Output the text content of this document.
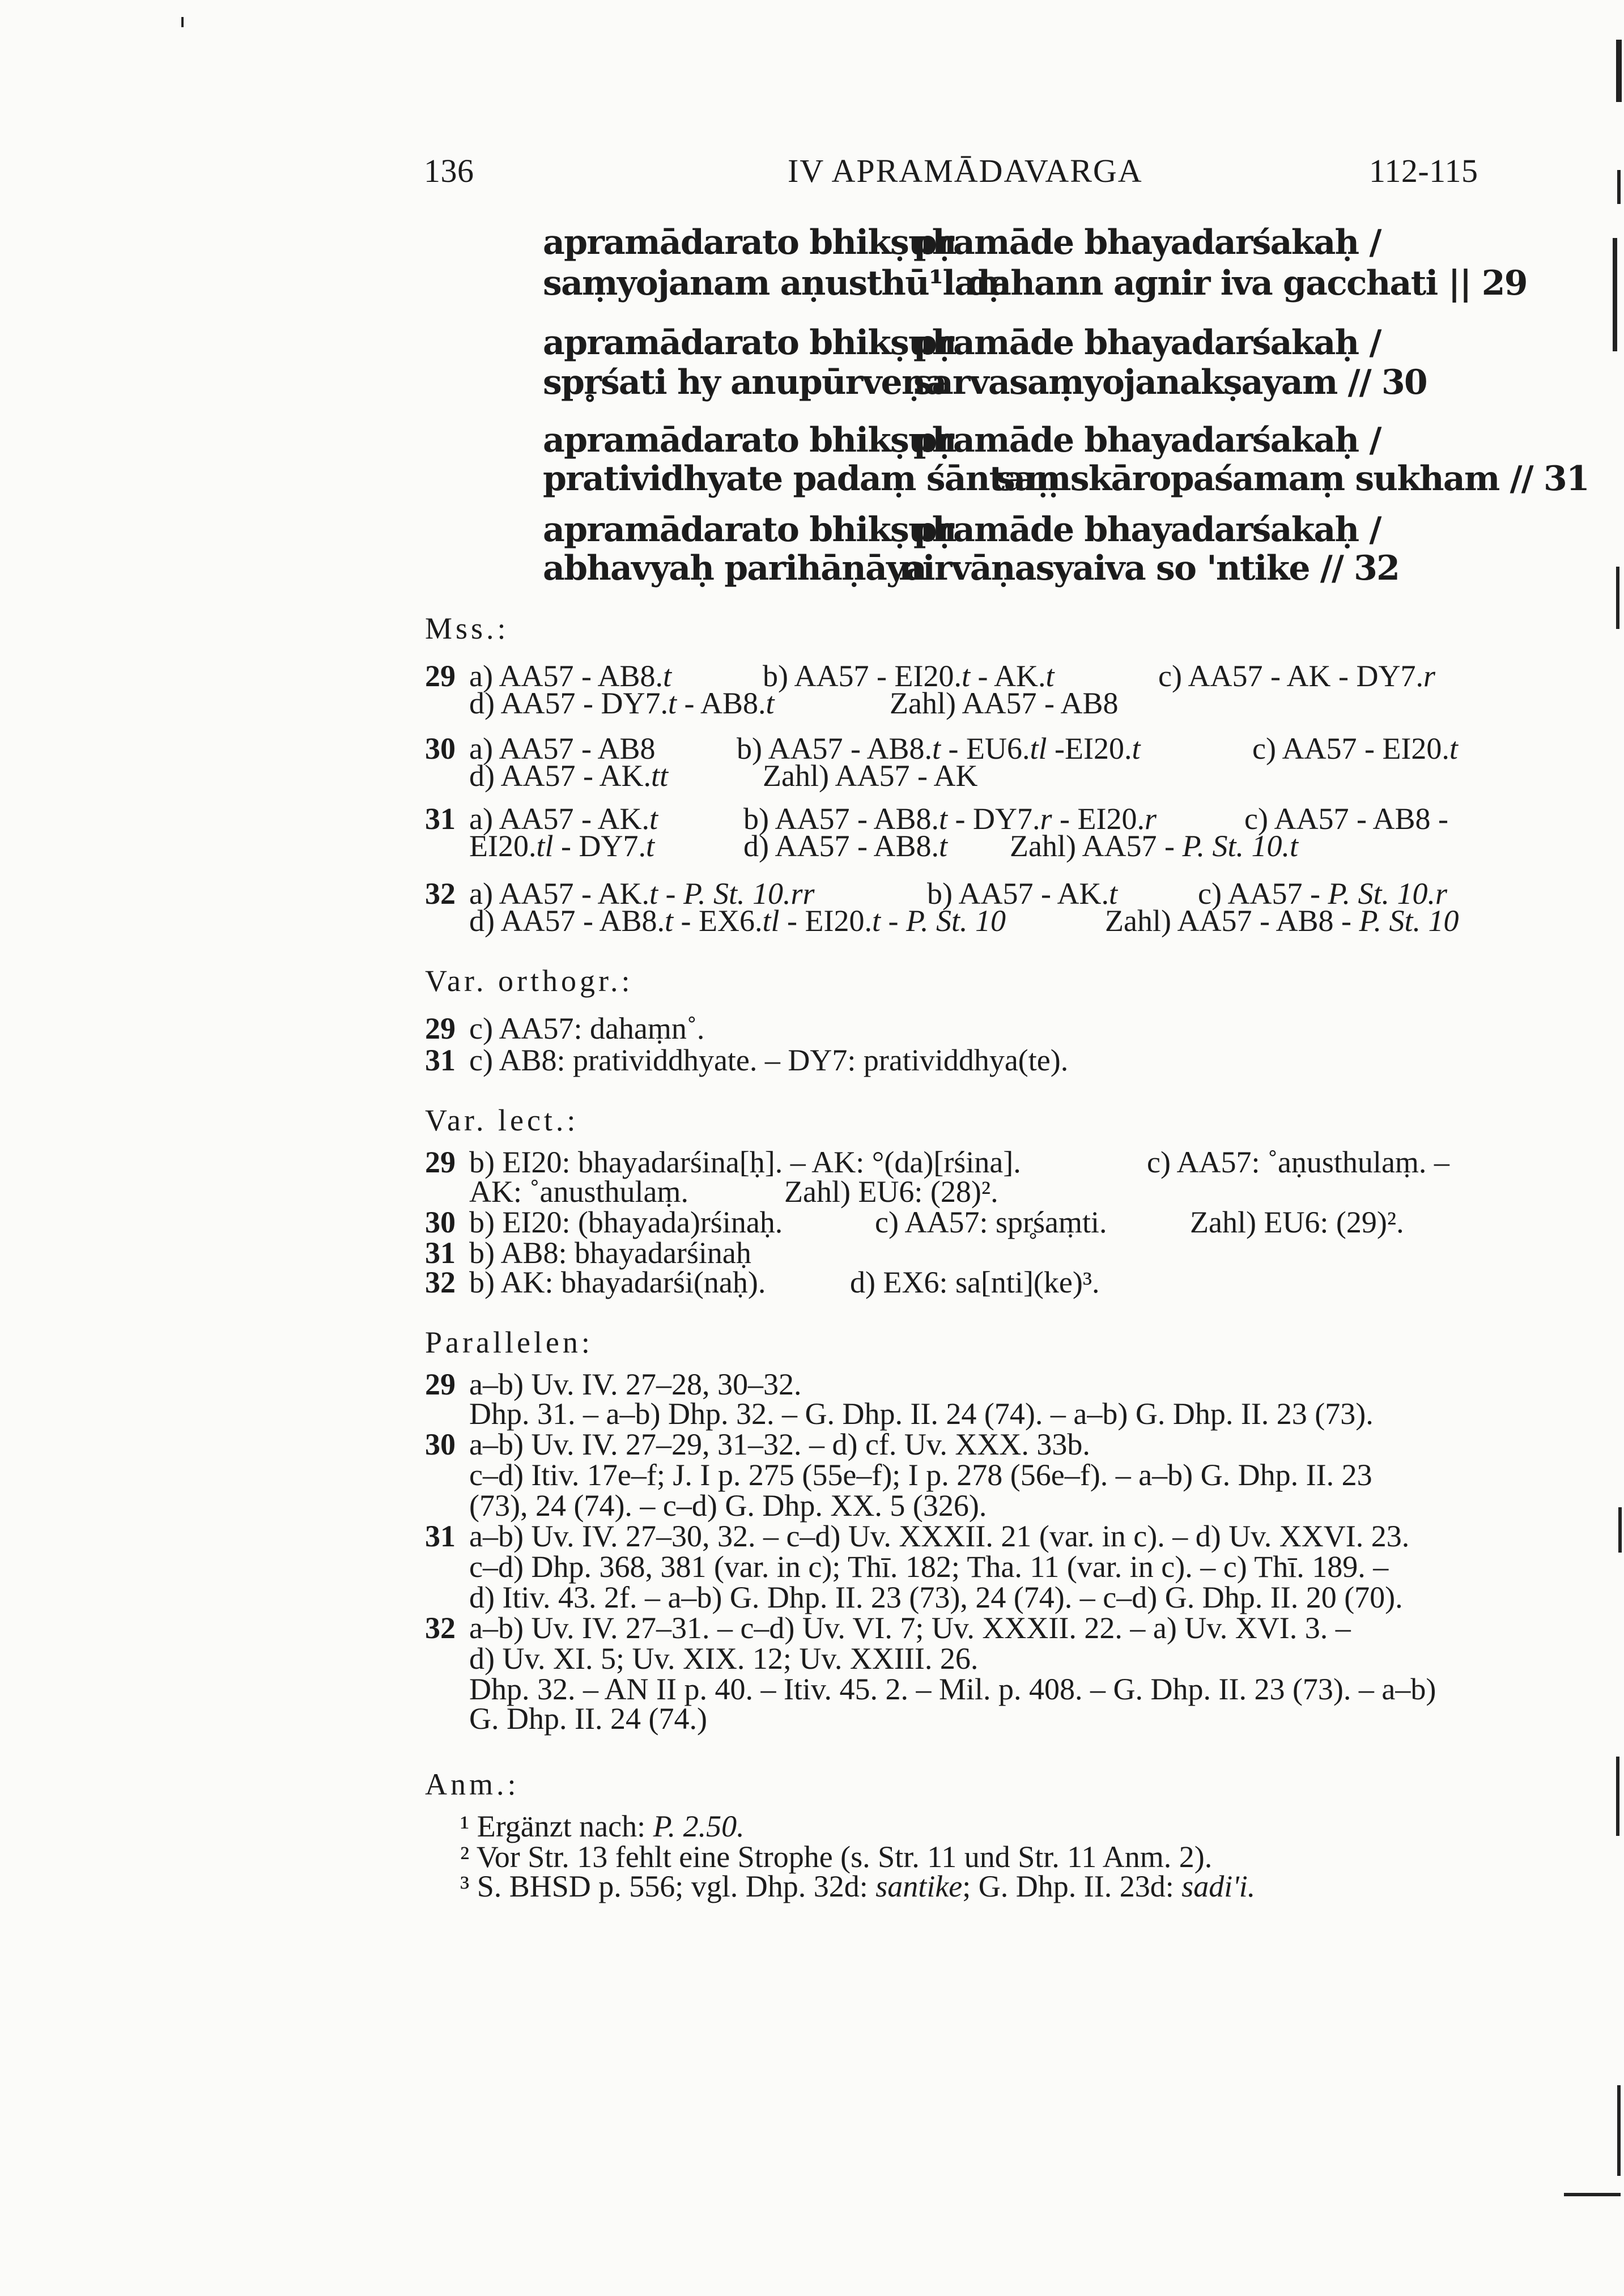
136	IV APRAMĀDAVARGA	112-115
apramādarato bhikṣuḥ
pramāde bhayadarśakaḥ /
saṃyojanam aṇusthū¹laṃ
dahann agnir iva gacchati || 29
apramādarato bhikṣuḥ
pramāde bhayadarśakaḥ /
spr̥śati hy anupūrveṇa
sarvasaṃyojanakṣayam // 30
apramādarato bhikṣuḥ
pramāde bhayadarśakaḥ /
pratividhyate padaṃ śāntaṃ
saṃskāropaśamaṃ sukham // 31
apramādarato bhikṣuḥ
pramāde bhayadarśakaḥ /
abhavyaḥ parihāṇāya
nirvāṇasyaiva so 'ntike // 32
Mss.:
29 a) AA57 - AB8.t	b) AA57 - EI20.t - AK.t	c) AA57 - AK - DY7.r
d) AA57 - DY7.t - AB8.t	Zahl) AA57 - AB8
30 a) AA57 - AB8	b) AA57 - AB8.t - EU6.tl -EI20.t	c) AA57 - EI20.t
d) AA57 - AK.tt	Zahl) AA57 - AK
31 a) AA57 - AK.t	b) AA57 - AB8.t - DY7.r - EI20.r	c) AA57 - AB8 -
EI20.tl - DY7.t	d) AA57 - AB8.t Zahl) AA57 - P. St. 10.t
32 a) AA57 - AK.t - P. St. 10.rr	b) AA57 - AK.t	c) AA57 - P. St. 10.r
d) AA57 - AB8.t - EX6.tl - EI20.t - P. St. 10	Zahl) AA57 - AB8 - P. St. 10
Var. orthogr.:
29 c) AA57: dahaṃn˚.
31 c) AB8: pratividdhyate. – DY7: pratividdhya(te).
Var. lect.:
29 b) EI20: bhayadarśina[ḥ]. – AK: °(da)[rśina].	c) AA57: ˚aṇusthulaṃ. –
AK: ˚anusthulaṃ.	Zahl) EU6: (28)².
30 b) EI20: (bhayada)rśinaḥ.	c) AA57: spr̥śaṃti.	Zahl) EU6: (29)².
31 b) AB8: bhayadarśinaḥ
32 b) AK: bhayadarśi(naḥ).	d) EX6: sa[nti](ke)³.
Parallelen:
29 a–b) Uv. IV. 27–28, 30–32.
Dhp. 31. – a–b) Dhp. 32. – G. Dhp. II. 24 (74). – a–b) G. Dhp. II. 23 (73).
30 a–b) Uv. IV. 27–29, 31–32. – d) cf. Uv. XXX. 33b.
c–d) Itiv. 17e–f; J. I p. 275 (55e–f); I p. 278 (56e–f). – a–b) G. Dhp. II. 23
(73), 24 (74). – c–d) G. Dhp. XX. 5 (326).
31 a–b) Uv. IV. 27–30, 32. – c–d) Uv. XXXII. 21 (var. in c). – d) Uv. XXVI. 23.
c–d) Dhp. 368, 381 (var. in c); Thī. 182; Tha. 11 (var. in c). – c) Thī. 189. –
d) Itiv. 43. 2f. – a–b) G. Dhp. II. 23 (73), 24 (74). – c–d) G. Dhp. II. 20 (70).
32 a–b) Uv. IV. 27–31. – c–d) Uv. VI. 7; Uv. XXXII. 22. – a) Uv. XVI. 3. –
d) Uv. XI. 5; Uv. XIX. 12; Uv. XXIII. 26.
Dhp. 32. – AN II p. 40. – Itiv. 45. 2. – Mil. p. 408. – G. Dhp. II. 23 (73). – a–b)
G. Dhp. II. 24 (74.)
Anm.:
¹ Ergänzt nach: P. 2.50.
² Vor Str. 13 fehlt eine Strophe (s. Str. 11 und Str. 11 Anm. 2).
³ S. BHSD p. 556; vgl. Dhp. 32d: santike; G. Dhp. II. 23d: sadi'i.
